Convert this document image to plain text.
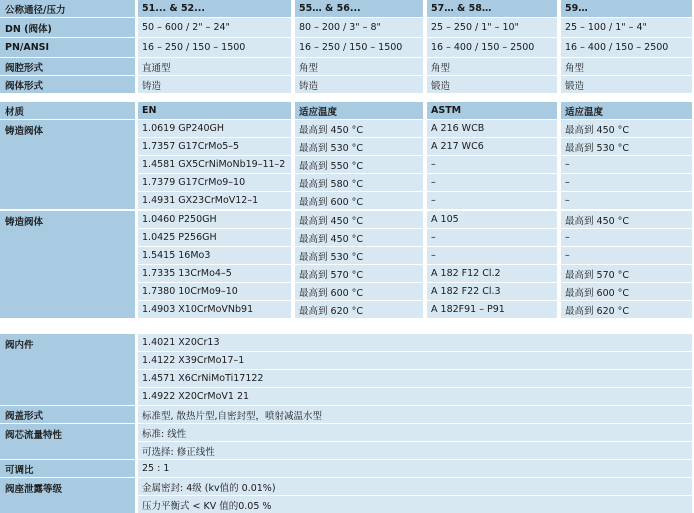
公称通径/压力	51... & 52...	55… & 56...	57… & 58…	59…
DN (阀体)	50 – 600 / 2" – 24"	80 – 200 / 3" – 8"	25 – 250 / 1" – 10"	25 – 100 / 1" – 4"
PN/ANSI	16 – 250 / 150 – 1500	16 – 250 / 150 – 1500	16 – 400 / 150 – 2500	16 – 400 / 150 – 2500
阀腔形式	直通型	角型	角型	角型
阀体形式	铸造	铸造	锻造	锻造
材质	EN	适应温度	ASTM	适应温度
铸造阀体	1.0619 GP240GH	最高到 450 °C	A 216 WCB	最高到 450 °C
1.7357 G17CrMo5–5	最高到 530 °C	A 217 WC6	最高到 530 °C
1.4581 GX5CrNiMoNb19–11–2	最高到 550 °C	–	–
1.7379 G17CrMo9–10	最高到 580 °C	–	–
1.4931 GX23CrMoV12–1	最高到 600 °C	–	–
铸造阀体	1.0460 P250GH	最高到 450 °C	A 105	最高到 450 °C
1.0425 P256GH	最高到 450 °C	–	–
1.5415 16Mo3	最高到 530 °C	–	–
1.7335 13CrMo4–5	最高到 570 °C	A 182 F12 Cl.2	最高到 570 °C
1.7380 10CrMo9–10	最高到 600 °C	A 182 F22 Cl.3	最高到 600 °C
1.4903 X10CrMoVNb91	最高到 620 °C	A 182F91 – P91	最高到 620 °C
阀内件	1.4021 X20Cr13
1.4122 X39CrMo17–1
1.4571 X6CrNiMoTi17122
1.4922 X20CrMoV1 21
阀盖形式	标准型, 散热片型,自密封型，喷射减温水型
阀芯流量特性	标准: 线性
可选择: 修正线性
可调比	25 : 1
阀座泄露等级	金属密封: 4级 (kv值的 0.01%)
压力平衡式 < KV 值的0.05 %
